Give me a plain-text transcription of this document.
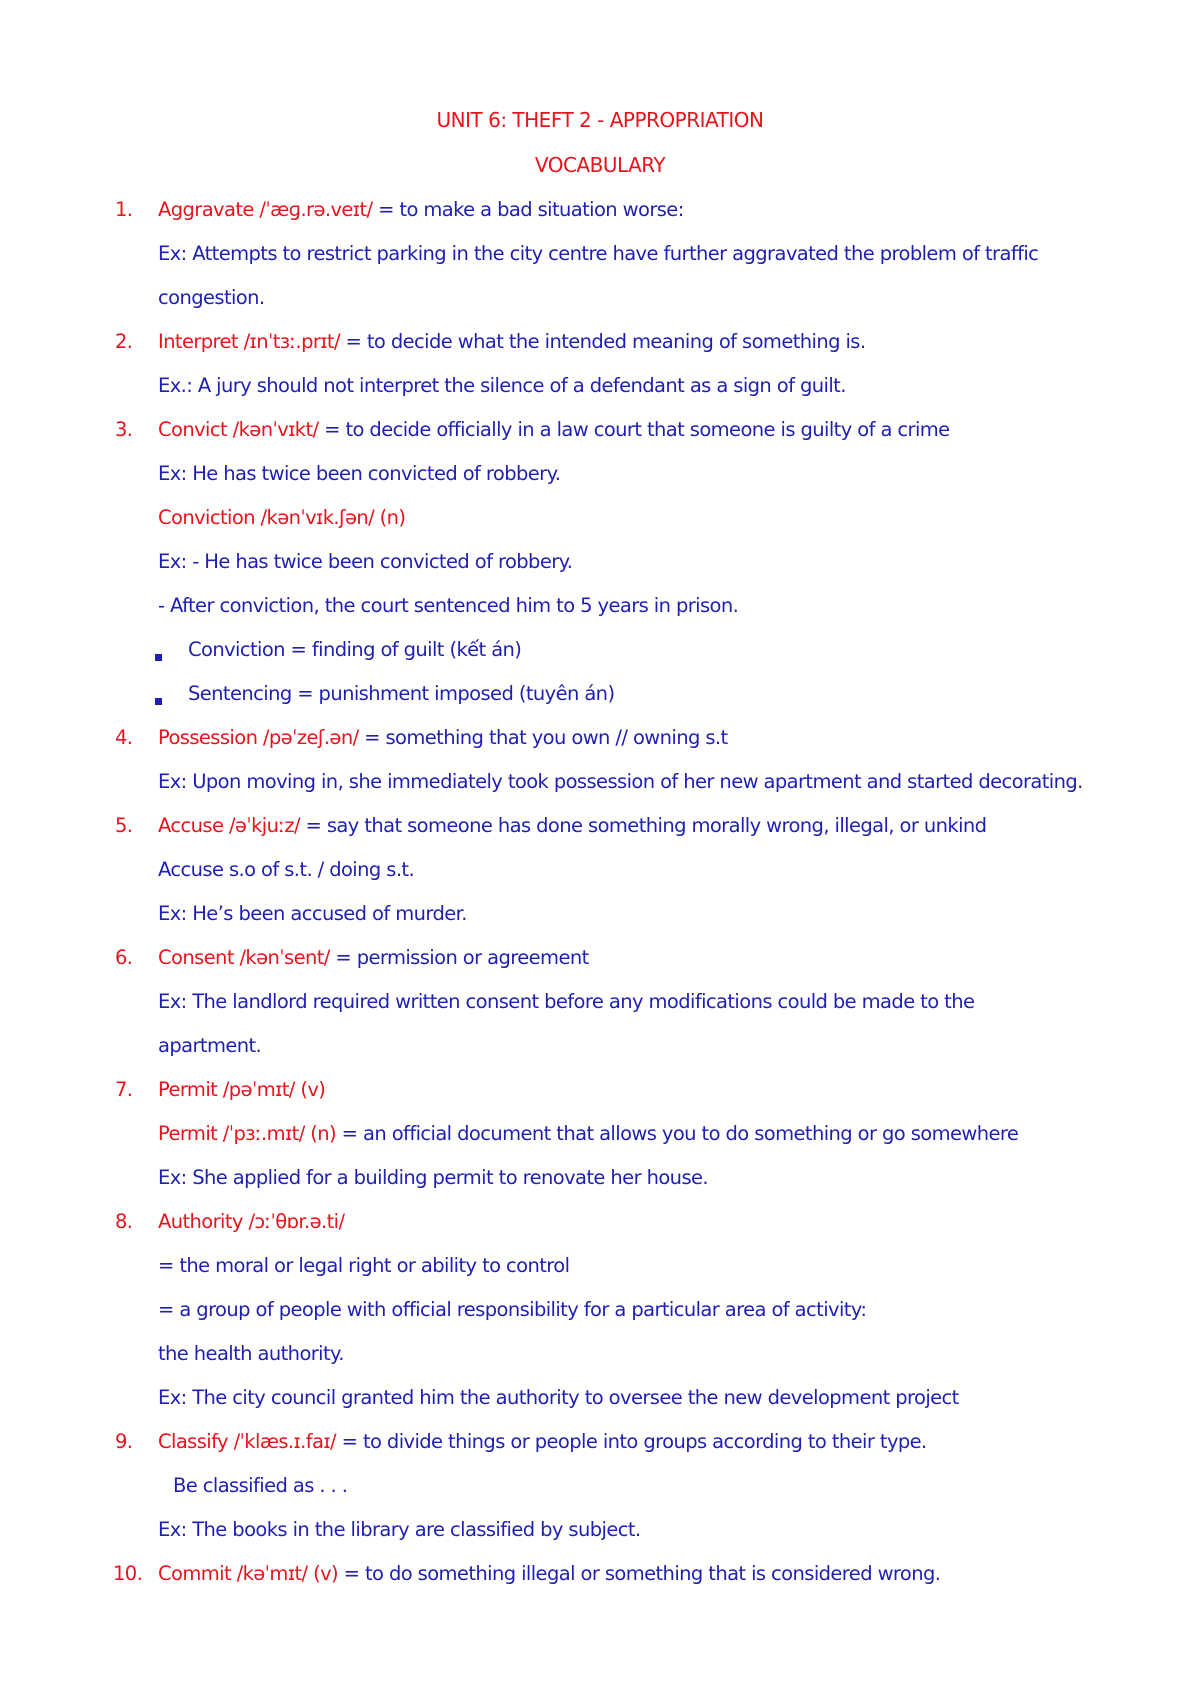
UNIT 6: THEFT 2 - APPROPRIATION
VOCABULARY
1. Aggravate /ˈæɡ.rə.veɪt/ = to make a bad situation worse:
Ex: Attempts to restrict parking in the city centre have further aggravated the problem of traffic
congestion.
2. Interpret /ɪnˈtɜː.prɪt/ = to decide what the intended meaning of something is.
Ex.: A jury should not interpret the silence of a defendant as a sign of guilt.
3. Convict /kənˈvɪkt/ = to decide officially in a law court that someone is guilty of a crime
Ex: He has twice been convicted of robbery.
Conviction /kənˈvɪk.ʃən/ (n)
Ex: - He has twice been convicted of robbery.
- After conviction, the court sentenced him to 5 years in prison.
Conviction = finding of guilt (kết án)
Sentencing = punishment imposed (tuyên án)
4. Possession /pəˈzeʃ.ən/ = something that you own // owning s.t
Ex: Upon moving in, she immediately took possession of her new apartment and started decorating.
5. Accuse /əˈkjuːz/ = say that someone has done something morally wrong, illegal, or unkind
Accuse s.o of s.t. / doing s.t.
Ex: He’s been accused of murder.
6. Consent /kənˈsent/ = permission or agreement
Ex: The landlord required written consent before any modifications could be made to the
apartment.
7. Permit /pəˈmɪt/ (v)
Permit /ˈpɜː.mɪt/ (n) = an official document that allows you to do something or go somewhere
Ex: She applied for a building permit to renovate her house.
8. Authority /ɔːˈθɒr.ə.ti/
= the moral or legal right or ability to control
= a group of people with official responsibility for a particular area of activity:
the health authority.
Ex: The city council granted him the authority to oversee the new development project
9. Classify /ˈklæs.ɪ.faɪ/ = to divide things or people into groups according to their type.
Be classified as . . .
Ex: The books in the library are classified by subject.
10. Commit /kəˈmɪt/ (v) = to do something illegal or something that is considered wrong.
